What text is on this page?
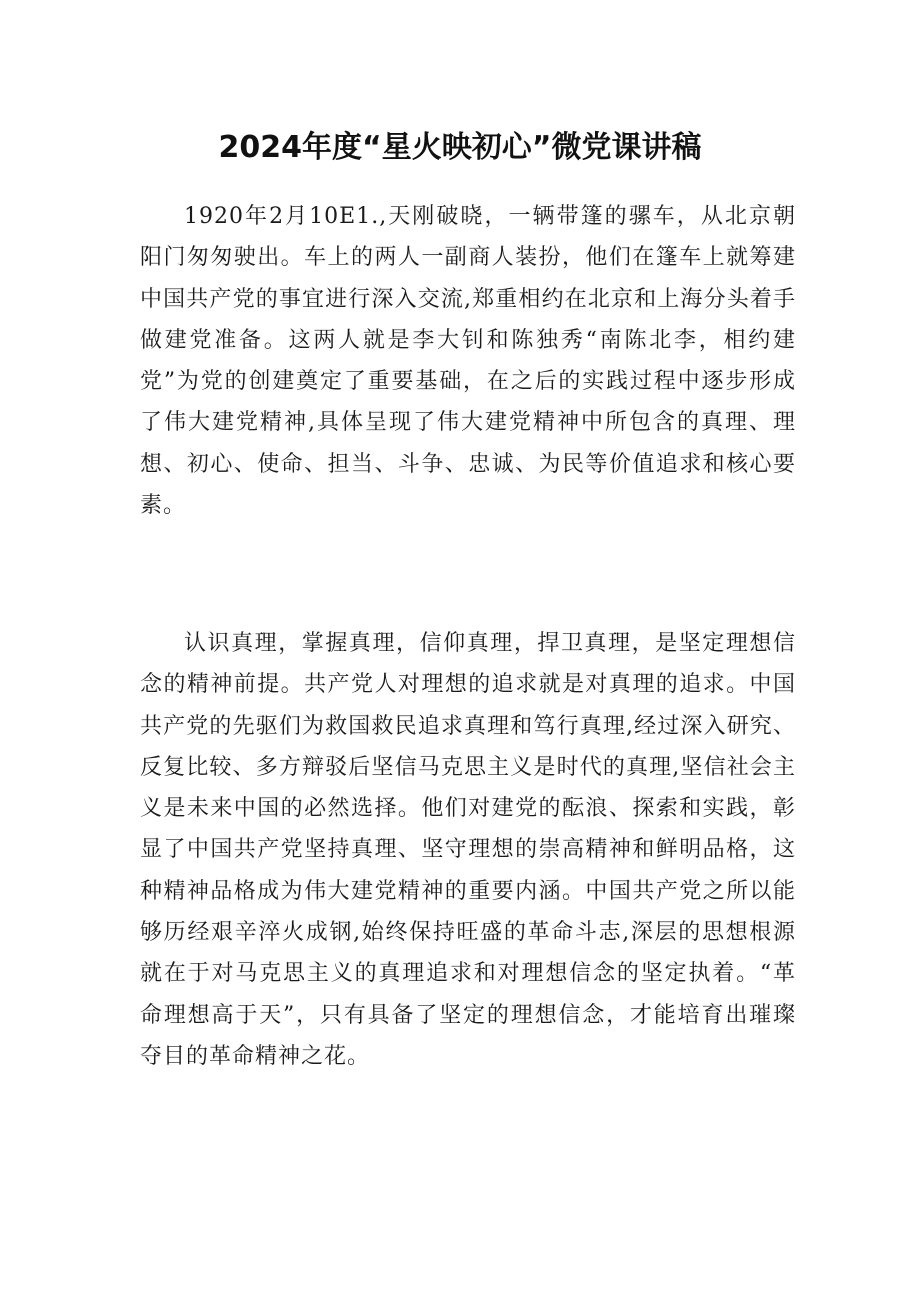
2024年度“星火映初心”微党课讲稿

1920年2月10E1.,天刚破晓，一辆带篷的骡车，从北京朝阳门匆匆驶出。车上的两人一副商人装扮，他们在篷车上就筹建中国共产党的事宜进行深入交流,郑重相约在北京和上海分头着手做建党准备。这两人就是李大钊和陈独秀“南陈北李，相约建党”为党的创建奠定了重要基础，在之后的实践过程中逐步形成了伟大建党精神,具体呈现了伟大建党精神中所包含的真理、理想、初心、使命、担当、斗争、忠诚、为民等价值追求和核心要素。

认识真理，掌握真理，信仰真理，捍卫真理，是坚定理想信念的精神前提。共产党人对理想的追求就是对真理的追求。中国共产党的先驱们为救国救民追求真理和笃行真理,经过深入研究、反复比较、多方辩驳后坚信马克思主义是时代的真理,坚信社会主义是未来中国的必然选择。他们对建党的酝浪、探索和实践，彰显了中国共产党坚持真理、坚守理想的崇高精神和鲜明品格，这种精神品格成为伟大建党精神的重要内涵。中国共产党之所以能够历经艰辛淬火成钢,始终保持旺盛的革命斗志,深层的思想根源就在于对马克思主义的真理追求和对理想信念的坚定执着。“革命理想高于天”，只有具备了坚定的理想信念，才能培育出璀璨夺目的革命精神之花。
